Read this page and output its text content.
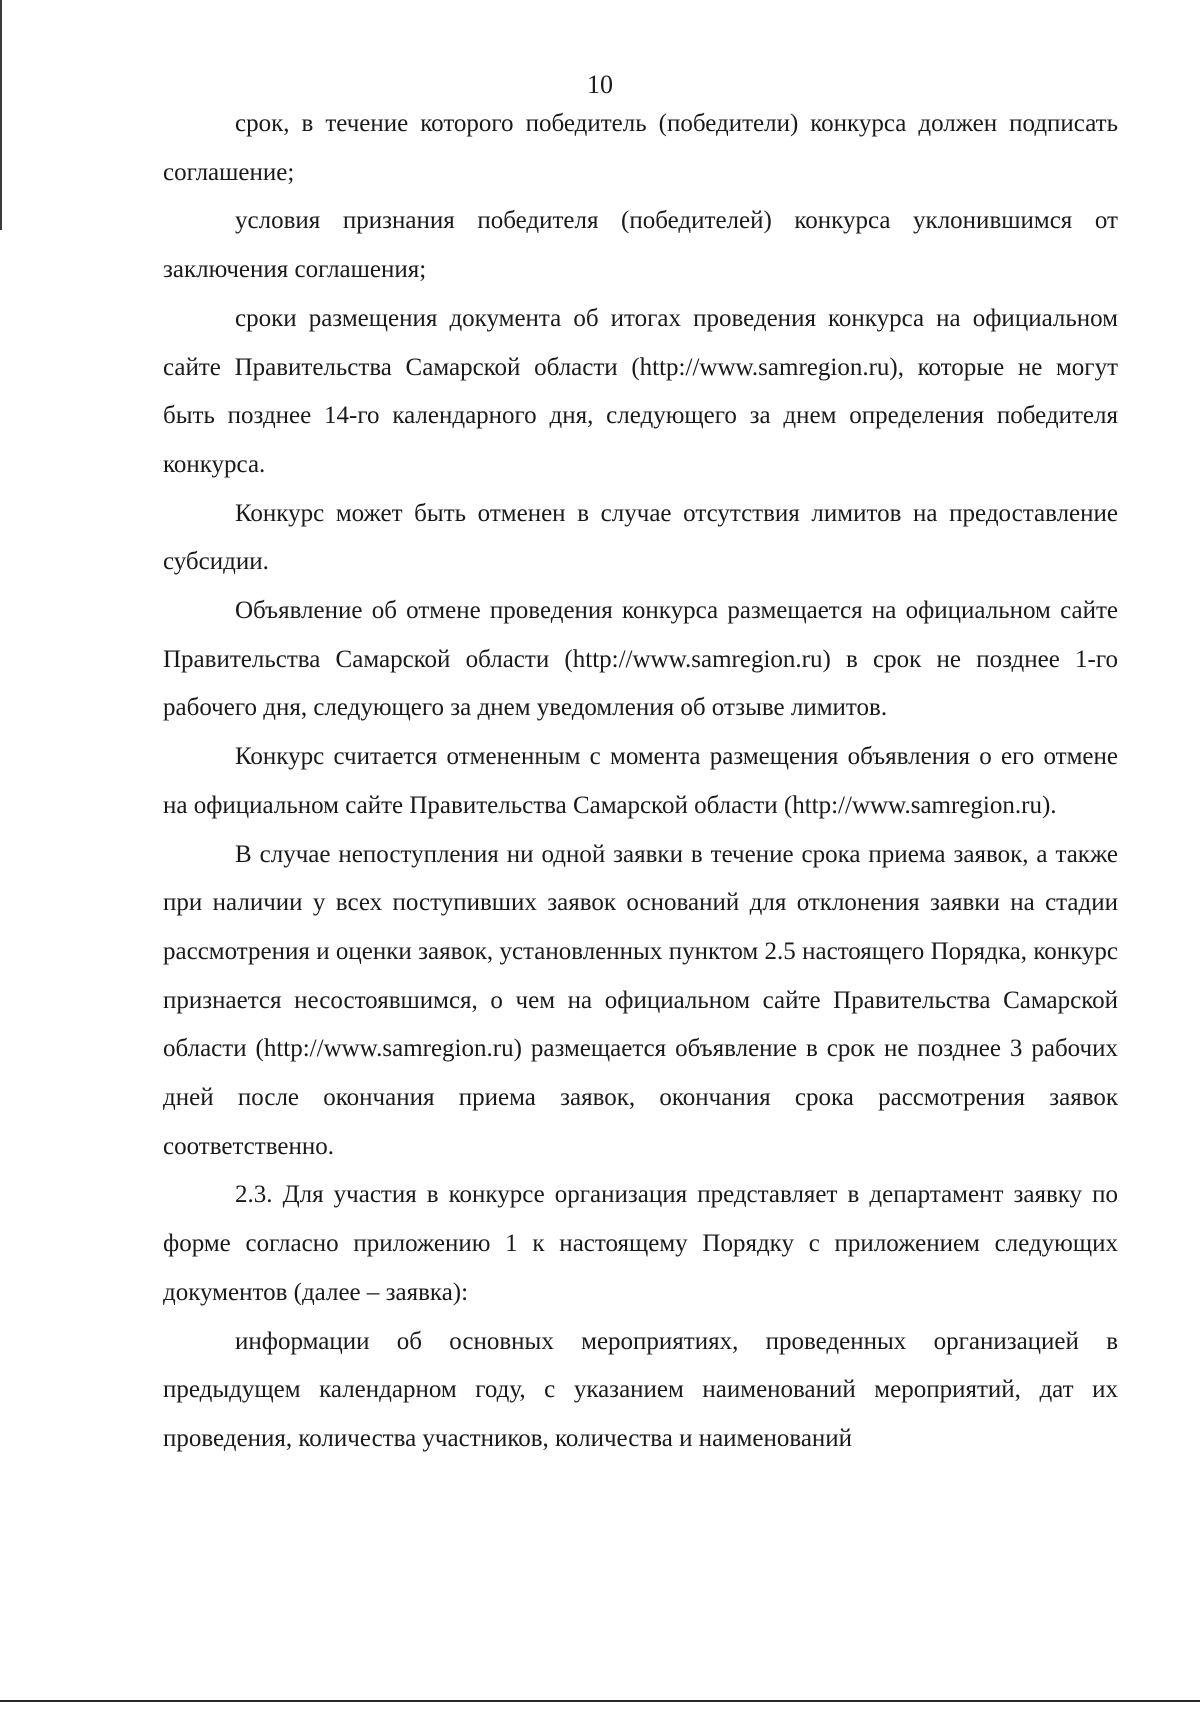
10

срок, в течение которого победитель (победители) конкурса должен подписать соглашение;

условия признания победителя (победителей) конкурса уклонившимся от заключения соглашения;

сроки размещения документа об итогах проведения конкурса на официальном сайте Правительства Самарской области (http://www.samregion.ru), которые не могут быть позднее 14-го календарного дня, следующего за днем определения победителя конкурса.

Конкурс может быть отменен в случае отсутствия лимитов на предоставление субсидии.

Объявление об отмене проведения конкурса размещается на официальном сайте Правительства Самарской области (http://www.samregion.ru) в срок не позднее 1-го рабочего дня, следующего за днем уведомления об отзыве лимитов.

Конкурс считается отмененным с момента размещения объявления о его отмене на официальном сайте Правительства Самарской области (http://www.samregion.ru).

В случае непоступления ни одной заявки в течение срока приема заявок, а также при наличии у всех поступивших заявок оснований для отклонения заявки на стадии рассмотрения и оценки заявок, установленных пунктом 2.5 настоящего Порядка, конкурс признается несостоявшимся, о чем на официальном сайте Правительства Самарской области (http://www.samregion.ru) размещается объявление в срок не позднее 3 рабочих дней после окончания приема заявок, окончания срока рассмотрения заявок соответственно.

2.3. Для участия в конкурсе организация представляет в департамент заявку по форме согласно приложению 1 к настоящему Порядку с приложением следующих документов (далее – заявка):

информации об основных мероприятиях, проведенных организацией в предыдущем календарном году, с указанием наименований мероприятий, дат их проведения, количества участников, количества и наименований
